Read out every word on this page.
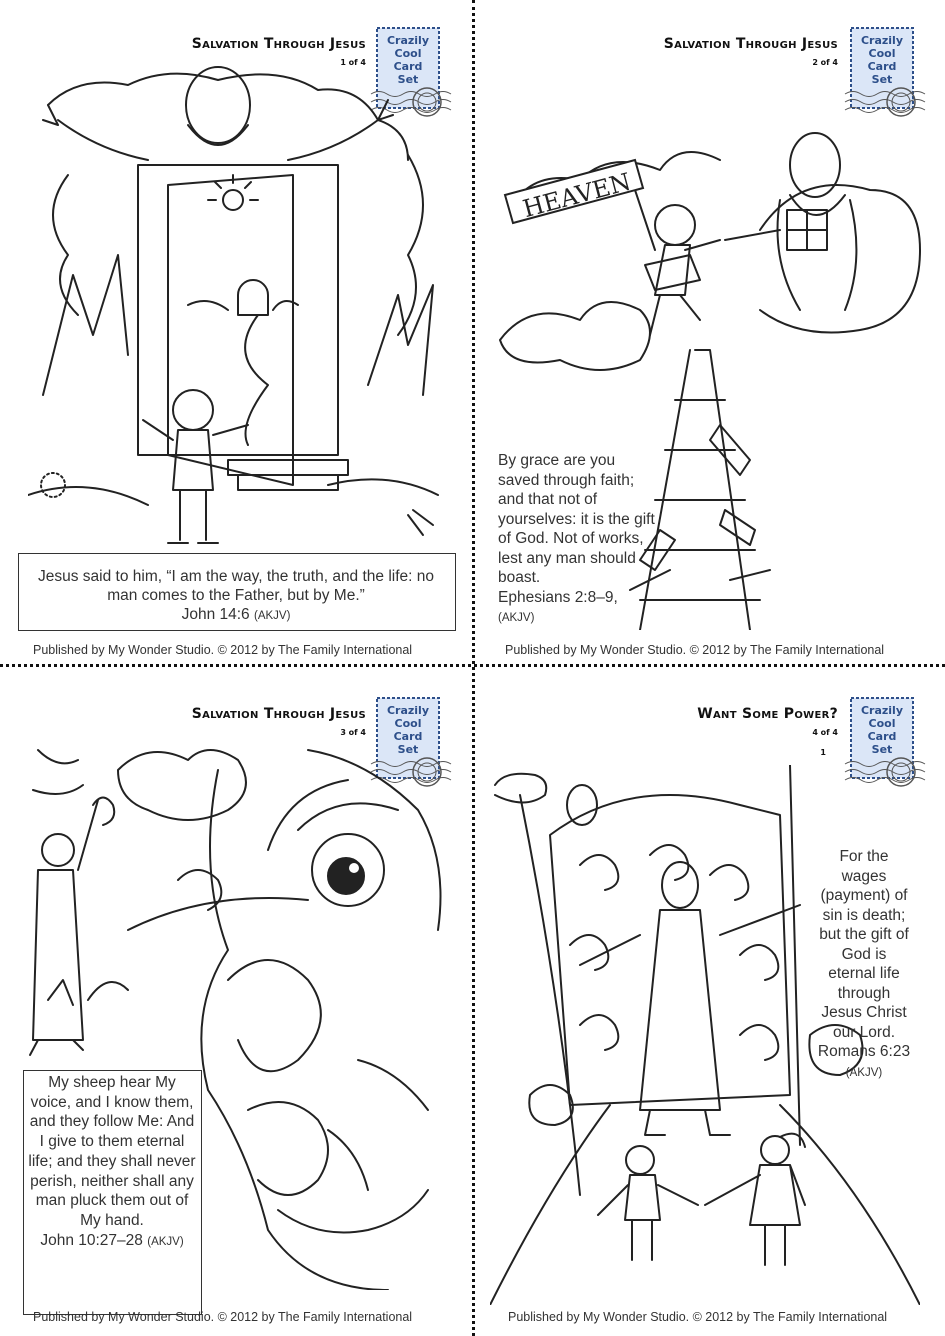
Salvation Through Jesus
1 of 4
Crazily
Cool
Card
Set
Jesus said to him, “I am the way, the truth, and the life: no man comes to the Father, but by Me.”
John 14:6 (AKJV)
Published by My Wonder Studio. © 2012 by The Family International
Salvation Through Jesus
2 of 4
Crazily
Cool
Card
Set
HEAVEN
By grace are you saved through faith; and that not of yourselves: it is the gift of God. Not of works, lest any man should boast.
Ephesians 2:8–9,
(AKJV)
Published by My Wonder Studio. © 2012 by The Family International
Salvation Through Jesus
3 of 4
Crazily
Cool
Card
Set
My sheep hear My voice, and I know them, and they follow Me: And I give to them eternal life; and they shall never perish, neither shall any man pluck them out of My hand.
John 10:27–28 (AKJV)
Published by My Wonder Studio. © 2012 by The Family International
Want Some Power?
4 of 4
1
Crazily
Cool
Card
Set
For the wages (payment) of sin is death; but the gift of God is eternal life through Jesus Christ our Lord.
Romans 6:23
(AKJV)
Published by My Wonder Studio. © 2012 by The Family International
